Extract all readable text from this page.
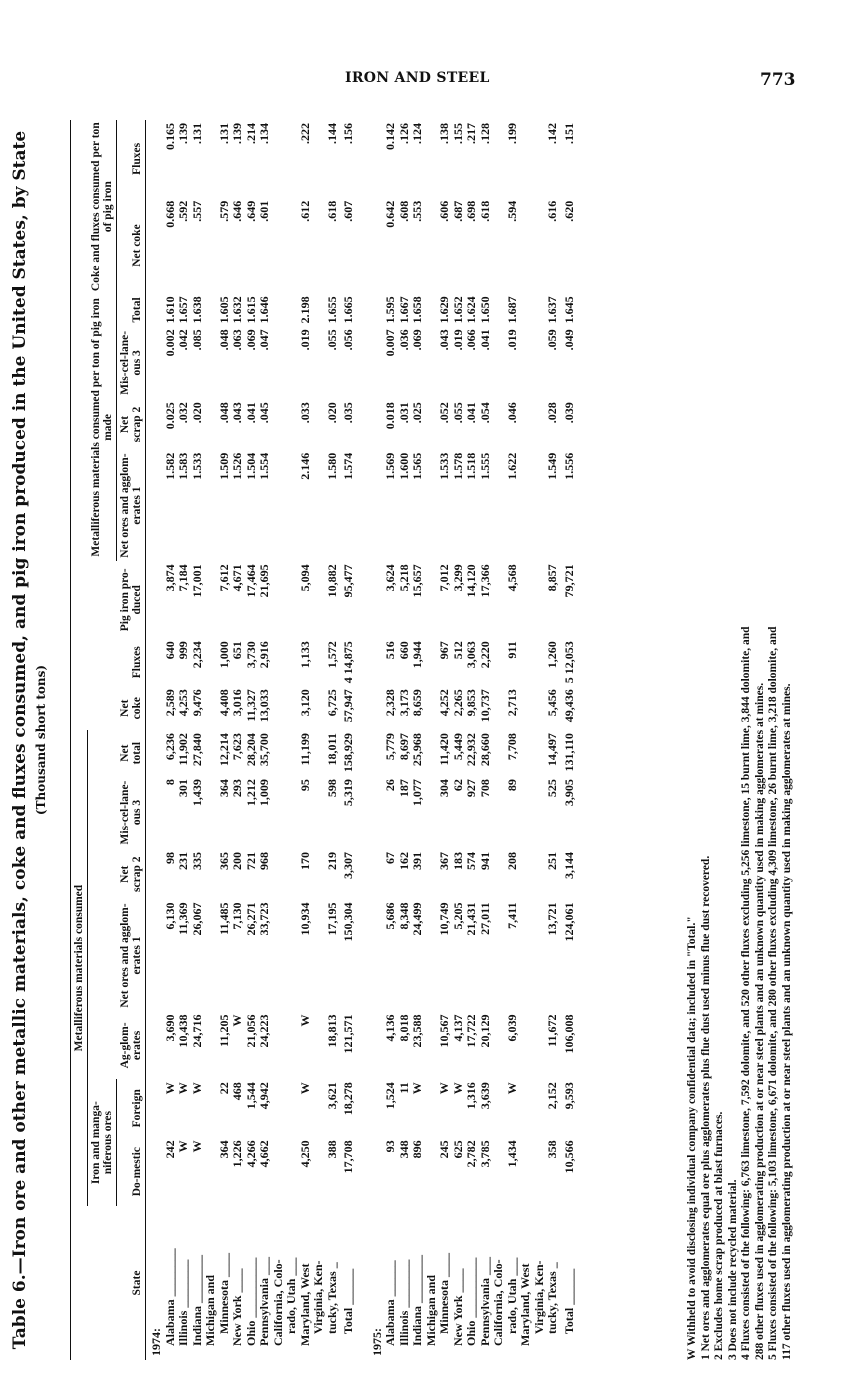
IRON AND STEEL	773
Table 6.—Iron ore and other metallic materials, coke and fluxes consumed, and pig iron produced in the United States, by State (Thousand short tons)
State	Metalliferous materials consumed							Net coke	Fluxes	Pig iron pro-duced	Metalliferous materials consumed per ton of pig iron made				Coke and fluxes consumed per ton of pig iron	
	Iron and manga-niferous ores		Ag-glom-erates	Net ores and agglom-erates 1	Net scrap 2	Mis-cel-lane-ous 3	Net total									
	Do-mestic	Foreign									Net ores and agglom-erates 1	Net scrap 2	Mis-cel-lane-ous 3	Total	Net coke	Fluxes
1974:																
Alabama ________	242	W	3,690	6,130	98	8	6,236	2,589	640	3,874	1.582	0.025	0.002	1.610	0.668	0.165
Illinois ________	W	W	10,438	11,369	231	301	11,902	4,253	999	7,184	1.583	.032	.042	1.657	.592	.139
Indiana ________	W	W	24,716	26,067	335	1,439	27,840	9,476	2,234	17,001	1.533	.020	.085	1.638	.557	.131
Michigan and																
Minnesota ____	364	22	11,205	11,485	365	364	12,214	4,408	1,000	7,612	1.509	.048	.048	1.605	.579	.131
New York ____	1,226	468	W	7,130	200	293	7,623	3,016	651	4,671	1.526	.043	.063	1.632	.646	.139
Ohio __________	4,266	1,544	21,056	26,271	721	1,212	28,204	11,327	3,730	17,464	1.504	.041	.069	1.615	.649	.214
Pennsylvania ___	4,662	4,942	24,223	33,723	968	1,009	35,700	13,033	2,916	21,695	1.554	.045	.047	1.646	.601	.134
California, Colo-																
rado, Utah ___																
Maryland, West	4,250	W	W	10,934	170	95	11,199	3,120	1,133	5,094	2.146	.033	.019	2.198	.612	.222
Virginia, Ken-																
tucky, Texas _	388	3,621	18,813	17,195	219	598	18,011	6,725	1,572	10,882	1.580	.020	.055	1.655	.618	.144
Total ______	17,708	18,278	121,571	150,304	3,307	5,319	158,929	57,947	4 14,875	95,477	1.574	.035	.056	1.665	.607	.156

1975:																
Alabama ______	93	1,524	4,136	5,686	67	26	5,779	2,328	516	3,624	1.569	0.018	0.007	1.595	0.642	0.142
Illinois ________	348	11	8,018	8,348	162	187	8,697	3,173	660	5,218	1.600	.031	.036	1.667	.608	.126
Indiana ________	896	W	23,588	24,499	391	1,077	25,968	8,659	1,944	15,657	1.565	.025	.069	1.658	.553	.124
Michigan and																
Minnesota ____	245	W	10,567	10,749	367	304	11,420	4,252	967	7,012	1.533	.052	.043	1.629	.606	.138
New York ____	625	W	4,137	5,205	183	62	5,449	2,265	512	3,299	1.578	.055	.019	1.652	.687	.155
Ohio __________	2,782	1,316	17,722	21,431	574	927	22,932	9,853	3,063	14,120	1.518	.041	.066	1.624	.698	.217
Pennsylvania ___	3,785	3,639	20,129	27,011	941	708	28,660	10,737	2,220	17,366	1.555	.054	.041	1.650	.618	.128
California, Colo-																
rado, Utah ___	1,434	W	6,039	7,411	208	89	7,708	2,713	911	4,568	1.622	.046	.019	1.687	.594	.199
Maryland, West																
Virginia, Ken-																
tucky, Texas _	358	2,152	11,672	13,721	251	525	14,497	5,456	1,260	8,857	1.549	.028	.059	1.637	.616	.142
Total ______	10,566	9,593	106,008	124,061	3,144	3,905	131,110	49,436	5 12,053	79,721	1.556	.039	.049	1.645	.620	.151
W Withheld to avoid disclosing individual company confidential data; included in "Total." 1 Net ores and agglomerates equal ore plus agglomerates plus flue dust used minus flue dust recovered. 2 Excludes home scrap produced at blast furnaces. 3 Does not include recycled material. 4 Fluxes consisted of the following: 6,763 limestone, 7,592 dolomite, and 520 other fluxes excluding 5,256 limestone, 15 burnt lime, 3,844 dolomite, and 288 other fluxes used in agglomerating production at or near steel plants and an unknown quantity used in making agglomerates at mines. 5 Fluxes consisted of the following: 5,103 limestone, 6,671 dolomite, and 280 other fluxes excluding 4,309 limestone, 26 burnt lime, 3,218 dolomite, and 117 other fluxes used in agglomerating production at or near steel plants and an unknown quantity used in making agglomerates at mines.
